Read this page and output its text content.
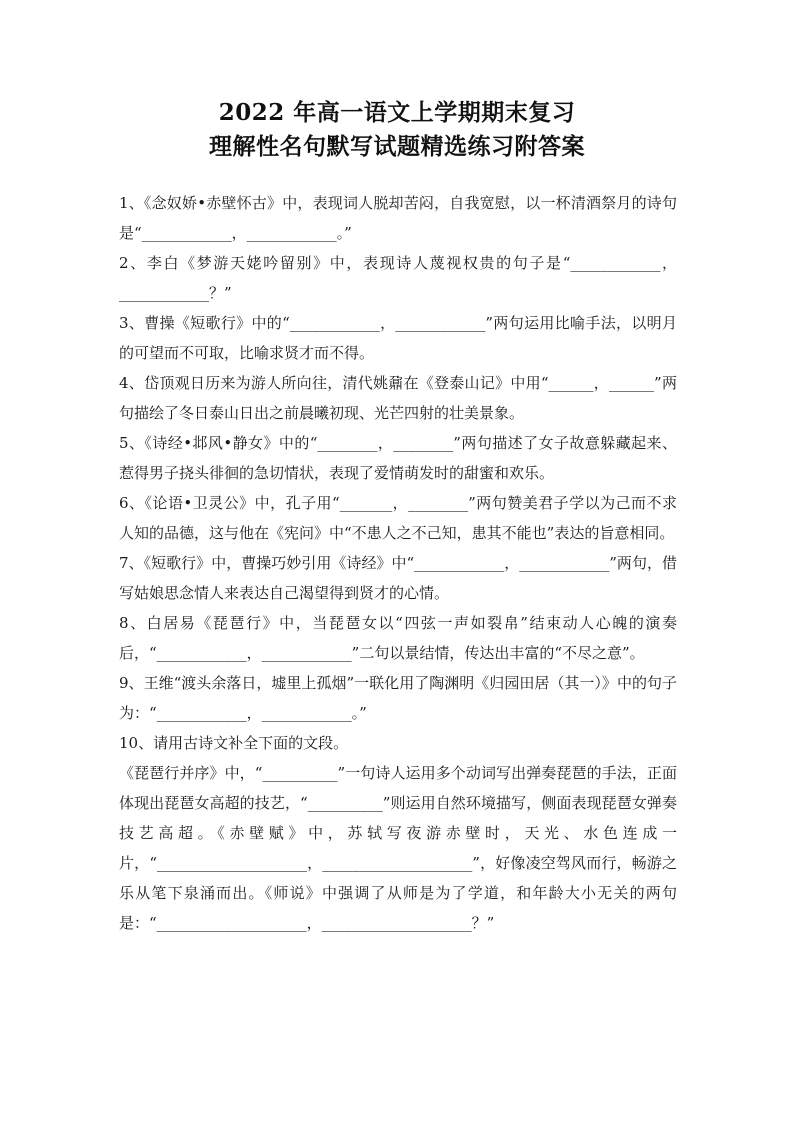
2022 年高一语文上学期期末复习
理解性名句默写试题精选练习附答案

1、《念奴娇•赤壁怀古》中，表现词人脱却苦闷，自我宽慰，以一杯清酒祭月的诗句是“____________，____________。”

2、李白《梦游天姥吟留别》中，表现诗人蔑视权贵的句子是“____________，____________？”

3、曹操《短歌行》中的“____________，____________”两句运用比喻手法，以明月的可望而不可取，比喻求贤才而不得。

4、岱顶观日历来为游人所向往，清代姚鼐在《登泰山记》中用“______，______”两句描绘了冬日泰山日出之前晨曦初现、光芒四射的壮美景象。

5、《诗经•邶风•静女》中的“________，________”两句描述了女子故意躲藏起来、惹得男子挠头徘徊的急切情状，表现了爱情萌发时的甜蜜和欢乐。

6、《论语•卫灵公》中，孔子用“_______，________”两句赞美君子学以为己而不求人知的品德，这与他在《宪问》中“不患人之不己知，患其不能也”表达的旨意相同。

7、《短歌行》中，曹操巧妙引用《诗经》中“____________，____________”两句，借写姑娘思念情人来表达自己渴望得到贤才的心情。

8、白居易《琵琶行》中，当琵琶女以“四弦一声如裂帛”结束动人心魄的演奏后，“____________，____________”二句以景结情，传达出丰富的“不尽之意”。

9、王维“渡头余落日，墟里上孤烟”一联化用了陶渊明《归园田居（其一）》中的句子为：“____________，____________。”

10、请用古诗文补全下面的文段。

《琵琶行并序》中，“__________”一句诗人运用多个动词写出弹奏琵琶的手法，正面体现出琵琶女高超的技艺，“__________”则运用自然环境描写，侧面表现琵琶女弹奏技艺高超。《赤壁赋》中，苏轼写夜游赤壁时，天光、水色连成一片，“____________________，____________________”，好像凌空驾风而行，畅游之乐从笔下泉涌而出。《师说》中强调了从师是为了学道，和年龄大小无关的两句是：“____________________，____________________？”
